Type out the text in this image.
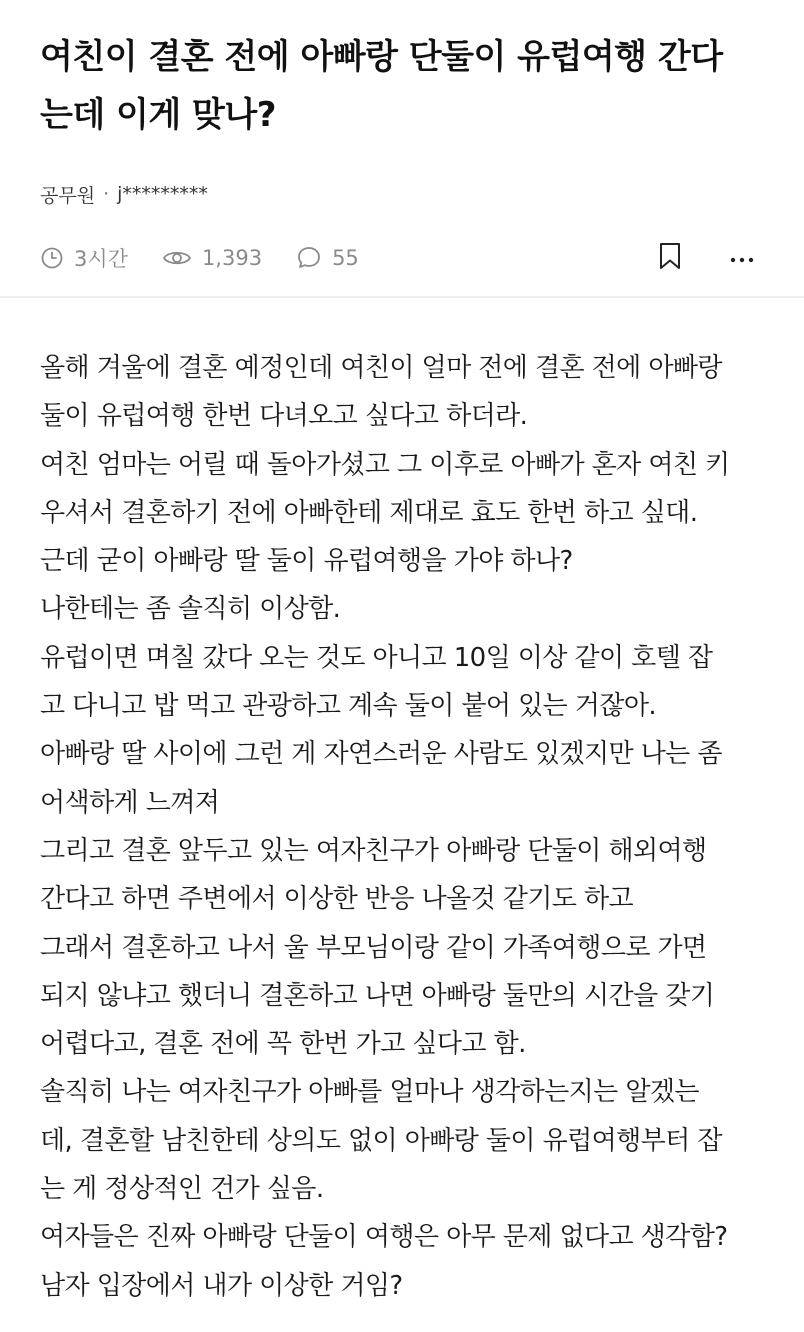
여친이 결혼 전에 아빠랑 단둘이 유럽여행 간다
는데 이게 맞나?
공무원 · j*********
3시간	1,393	55
올해 겨울에 결혼 예정인데 여친이 얼마 전에 결혼 전에 아빠랑
둘이 유럽여행 한번 다녀오고 싶다고 하더라.
여친 엄마는 어릴 때 돌아가셨고 그 이후로 아빠가 혼자 여친 키
우셔서 결혼하기 전에 아빠한테 제대로 효도 한번 하고 싶대.
근데 굳이 아빠랑 딸 둘이 유럽여행을 가야 하나?
나한테는 좀 솔직히 이상함.
유럽이면 며칠 갔다 오는 것도 아니고 10일 이상 같이 호텔 잡
고 다니고 밥 먹고 관광하고 계속 둘이 붙어 있는 거잖아.
아빠랑 딸 사이에 그런 게 자연스러운 사람도 있겠지만 나는 좀
어색하게 느껴져
그리고 결혼 앞두고 있는 여자친구가 아빠랑 단둘이 해외여행
간다고 하면 주변에서 이상한 반응 나올것 같기도 하고
그래서 결혼하고 나서 울 부모님이랑 같이 가족여행으로 가면
되지 않냐고 했더니 결혼하고 나면 아빠랑 둘만의 시간을 갖기
어렵다고, 결혼 전에 꼭 한번 가고 싶다고 함.
솔직히 나는 여자친구가 아빠를 얼마나 생각하는지는 알겠는
데, 결혼할 남친한테 상의도 없이 아빠랑 둘이 유럽여행부터 잡
는 게 정상적인 건가 싶음.
여자들은 진짜 아빠랑 단둘이 여행은 아무 문제 없다고 생각함?
남자 입장에서 내가 이상한 거임?
